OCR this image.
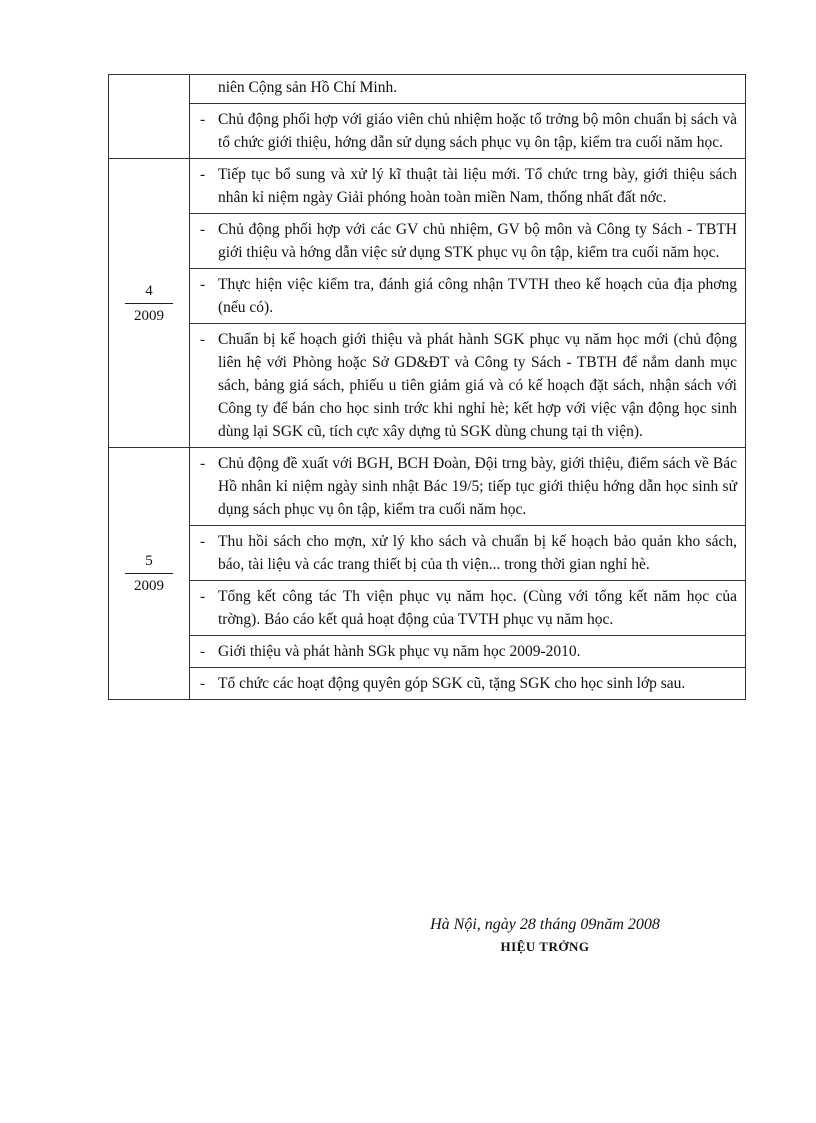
	niên Cộng sản Hồ Chí Minh.

	- Chủ động phối hợp với giáo viên chủ nhiệm hoặc tổ trởng bộ môn chuẩn bị sách và tổ chức giới thiệu, hớng dẫn sử dụng sách phục vụ ôn tập, kiểm tra cuối năm học.

$\frac{4}{2009}$	- Tiếp tục bổ sung và xử lý kĩ thuật tài liệu mới. Tổ chức trng bày, giới thiệu sách nhân kỉ niệm ngày Giải phóng hoàn toàn miền Nam, thống nhất đất nớc.

	- Chủ động phối hợp với các GV chủ nhiệm, GV bộ môn và Công ty Sách - TBTH giới thiệu và hớng dẫn việc sử dụng STK phục vụ ôn tập, kiểm tra cuối năm học.

	- Thực hiện việc kiểm tra, đánh giá công nhận TVTH theo kế hoạch của địa phơng (nếu có).

	- Chuẩn bị kế hoạch giới thiệu và phát hành SGK phục vụ năm học mới (chủ động liên hệ với Phòng hoặc Sở GD&ĐT và Công ty Sách - TBTH để nắm danh mục sách, bảng giá sách, phiếu u tiên giảm giá và có kế hoạch đặt sách, nhận sách với Công ty để bán cho học sinh trớc khi nghỉ hè; kết hợp với việc vận động học sinh dùng lại SGK cũ, tích cực xây dựng tủ SGK dùng chung tại th viện).

$\frac{5}{2009}$	- Chủ động đề xuất với BGH, BCH Đoàn, Đội trng bày, giới thiệu, điểm sách về Bác Hồ nhân kỉ niệm ngày sinh nhật Bác 19/5; tiếp tục giới thiệu hớng dẫn học sinh sử dụng sách phục vụ ôn tập, kiểm tra cuối năm học.

	- Thu hồi sách cho mợn, xử lý kho sách và chuẩn bị kế hoạch bảo quản kho sách, báo, tài liệu và các trang thiết bị của th viện... trong thời gian nghỉ hè.

	- Tổng kết công tác Th viện phục vụ năm học. (Cùng với tổng kết năm học của trờng). Báo cáo kết quả hoạt động của TVTH phục vụ năm học.

	- Giới thiệu và phát hành SGk phục vụ năm học 2009-2010.

	- Tổ chức các hoạt động quyên góp SGK cũ, tặng SGK cho học sinh lớp sau.
Hà Nội, ngày 28 tháng 09năm 2008
HIỆU TRỞNG
